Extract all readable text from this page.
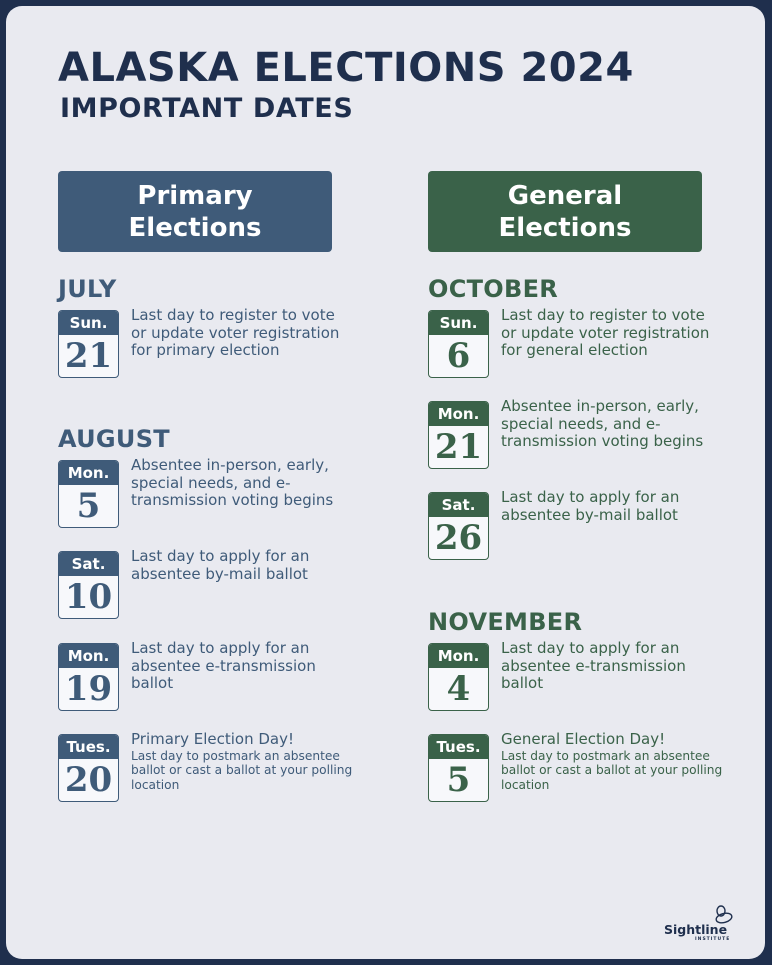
ALASKA ELECTIONS 2024
IMPORTANT DATES
Primary
Elections
General
Elections
JULY
Sun.
21
Last day to register to vote or update voter registration for primary election
AUGUST
Mon.
5
Absentee in-person, early, special needs, and e-transmission voting begins
Sat.
10
Last day to apply for an absentee by-mail ballot
Mon.
19
Last day to apply for an absentee e-transmission ballot
Tues.
20
Primary Election Day!
Last day to postmark an absentee ballot or cast a ballot at your polling location
OCTOBER
Sun.
6
Last day to register to vote or update voter registration for general election
Mon.
21
Absentee in-person, early, special needs, and e-transmission voting begins
Sat.
26
Last day to apply for an absentee by-mail ballot
NOVEMBER
Mon.
4
Last day to apply for an absentee e-transmission ballot
Tues.
5
General Election Day!
Last day to postmark an absentee ballot or cast a ballot at your polling location
Sightline
INSTITUTE
